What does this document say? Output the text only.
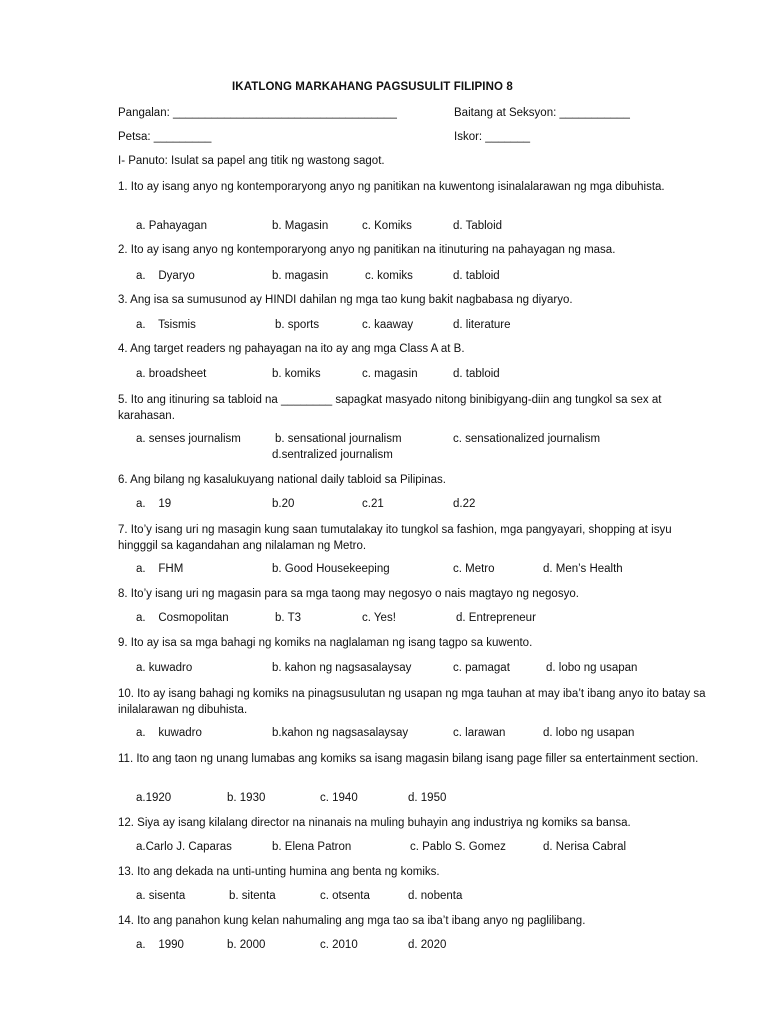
IKATLONG MARKAHANG PAGSUSULIT FILIPINO 8
Pangalan: ___________________________________	Baitang at Seksyon: ___________
Petsa: _________	Iskor: _______
I- Panuto: Isulat sa papel ang titik ng wastong sagot.
1. Ito ay isang anyo ng kontemporaryong anyo ng panitikan na kuwentong isinalalarawan ng mga dibuhista.
a. Pahayagan	b. Magasin	c. Komiks	d. Tabloid
2. Ito ay isang anyo ng kontemporaryong anyo ng panitikan na itinuturing na pahayagan ng masa.
a.    Dyaryo	b. magasin	c. komiks	d. tabloid
3. Ang isa sa sumusunod ay HINDI dahilan ng mga tao kung bakit nagbabasa ng diyaryo.
a.    Tsismis	b. sports	c. kaaway	d. literature
4. Ang target readers ng pahayagan na ito ay ang mga Class A at B.
a. broadsheet	b. komiks	c. magasin	d. tabloid
5. Ito ang itinuring sa tabloid na ________ sapagkat masyado nitong binibigyang-diin ang tungkol sa sex at karahasan.
a. senses journalism	b. sensational journalism	c. sensationalized journalism
d.sentralized journalism
6. Ang bilang ng kasalukuyang national daily tabloid sa Pilipinas.
a.    19	b.20	c.21	d.22
7. Ito’y isang uri ng masagin kung saan tumutalakay ito tungkol sa fashion, mga pangyayari, shopping at isyu hingggil sa kagandahan ang nilalaman ng Metro.
a.    FHM	b. Good Housekeeping	c. Metro	d. Men’s Health
8. Ito’y isang uri ng magasin para sa mga taong may negosyo o nais magtayo ng negosyo.
a.    Cosmopolitan	b. T3	c. Yes!	d. Entrepreneur
9. Ito ay isa sa mga bahagi ng komiks na naglalaman ng isang tagpo sa kuwento.
a. kuwadro	b. kahon ng nagsasalaysay	c. pamagat	d. lobo ng usapan
10. Ito ay isang bahagi ng komiks na pinagsusulutan ng usapan ng mga tauhan at may iba’t ibang anyo ito batay sa inilalarawan ng dibuhista.
a.    kuwadro	b.kahon ng nagsasalaysay	c. larawan	d. lobo ng usapan
11. Ito ang taon ng unang lumabas ang komiks sa isang magasin bilang isang page filler sa entertainment section.
a.1920	b. 1930	c. 1940	d. 1950
12. Siya ay isang kilalang director na ninanais na muling buhayin ang industriya ng komiks sa bansa.
a.Carlo J. Caparas	b. Elena Patron	c. Pablo S. Gomez	d. Nerisa Cabral
13. Ito ang dekada na unti-unting humina ang benta ng komiks.
a. sisenta	b. sitenta	c. otsenta	d. nobenta
14. Ito ang panahon kung kelan nahumaling ang mga tao sa iba’t ibang anyo ng paglilibang.
a.    1990	b. 2000	c. 2010	d. 2020
